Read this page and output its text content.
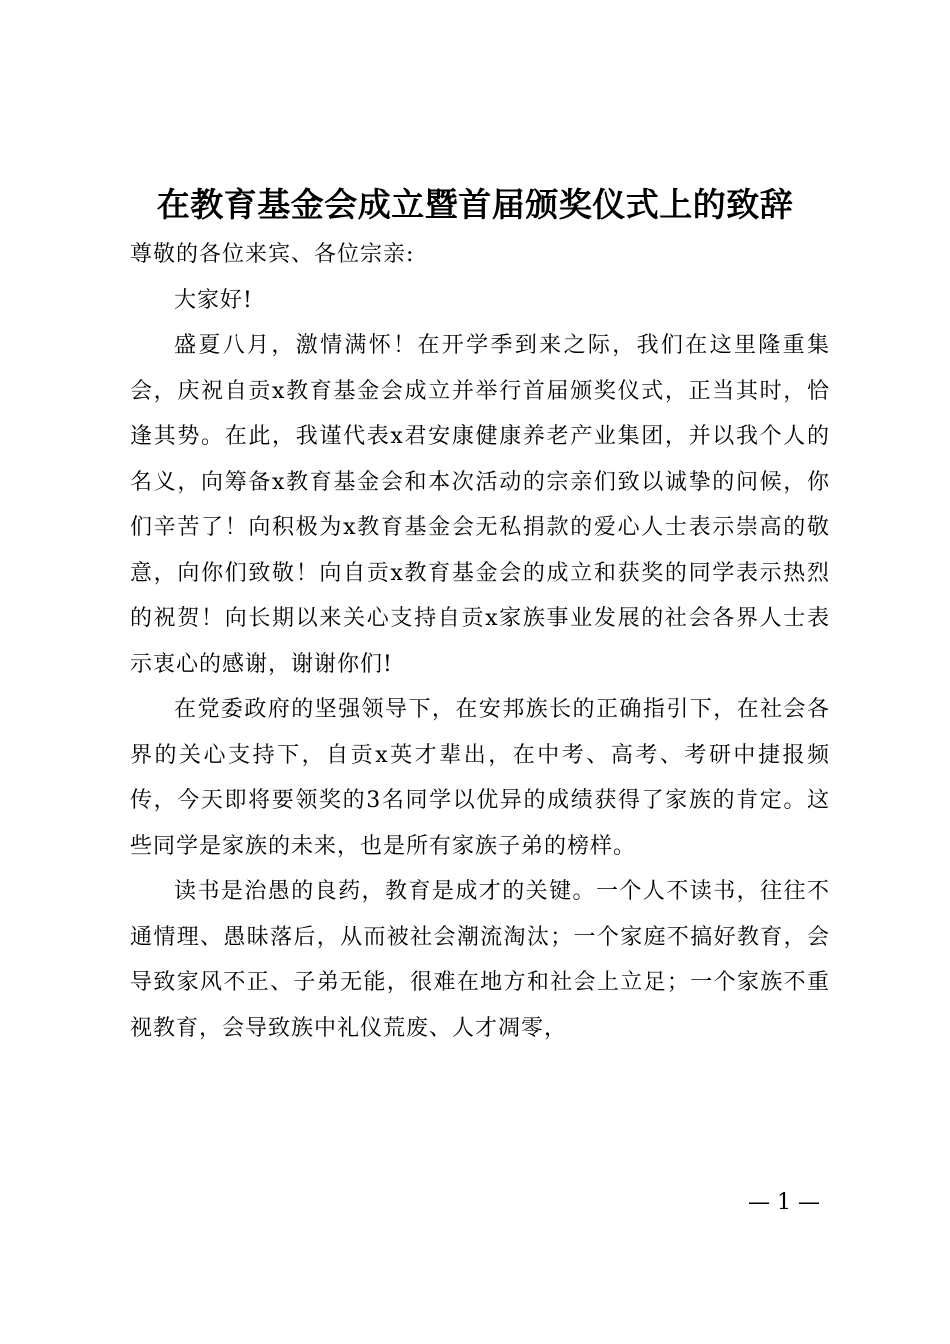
在教育基金会成立暨首届颁奖仪式上的致辞

尊敬的各位来宾、各位宗亲:

大家好!

盛夏八月，激情满怀！在开学季到来之际，我们在这里隆重集会，庆祝自贡x教育基金会成立并举行首届颁奖仪式，正当其时，恰逢其势。在此，我谨代表x君安康健康养老产业集团，并以我个人的名义，向筹备x教育基金会和本次活动的宗亲们致以诚挚的问候，你们辛苦了！向积极为x教育基金会无私捐款的爱心人士表示崇高的敬意，向你们致敬！向自贡x教育基金会的成立和获奖的同学表示热烈的祝贺！向长期以来关心支持自贡x家族事业发展的社会各界人士表示衷心的感谢，谢谢你们!

在党委政府的坚强领导下，在安邦族长的正确指引下，在社会各界的关心支持下，自贡x英才辈出，在中考、高考、考研中捷报频传，今天即将要领奖的3名同学以优异的成绩获得了家族的肯定。这些同学是家族的未来，也是所有家族子弟的榜样。

读书是治愚的良药，教育是成才的关键。一个人不读书，往往不通情理、愚昧落后，从而被社会潮流淘汰；一个家庭不搞好教育，会导致家风不正、子弟无能，很难在地方和社会上立足；一个家族不重视教育，会导致族中礼仪荒废、人才凋零，

— 1 —
